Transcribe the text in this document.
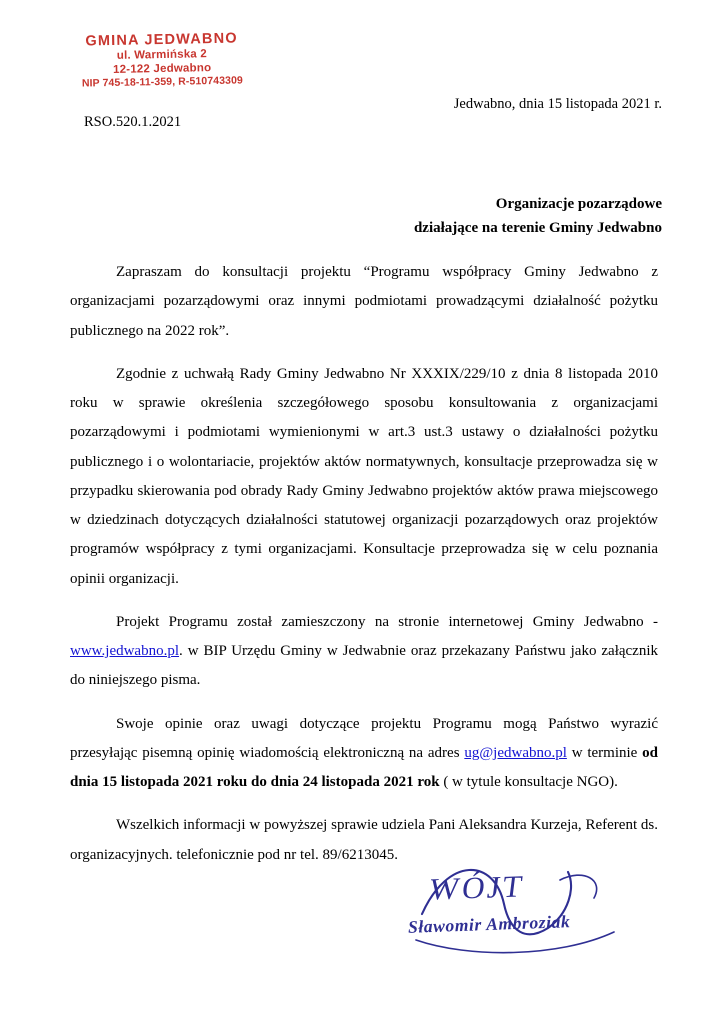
GMINA JEDWABNO
ul. Warmińska 2
12-122 Jedwabno
NIP 745-18-11-359, R-510743309
Jedwabno, dnia 15 listopada 2021 r.
RSO.520.1.2021
Organizacje pozarządowe
działające na terenie Gminy Jedwabno

Zapraszam do konsultacji projektu “Programu współpracy Gminy Jedwabno z organizacjami pozarządowymi oraz innymi podmiotami prowadzącymi działalność pożytku publicznego na 2022 rok”.

Zgodnie z uchwałą Rady Gminy Jedwabno Nr XXXIX/229/10 z dnia 8 listopada 2010 roku w sprawie określenia szczegółowego sposobu konsultowania z organizacjami pozarządowymi i podmiotami wymienionymi w art.3 ust.3 ustawy o działalności pożytku publicznego i o wolontariacie, projektów aktów normatywnych, konsultacje przeprowadza się w przypadku skierowania pod obrady Rady Gminy Jedwabno projektów aktów prawa miejscowego w dziedzinach dotyczących działalności statutowej organizacji pozarządowych oraz projektów programów współpracy z tymi organizacjami. Konsultacje przeprowadza się w celu poznania opinii organizacji.

Projekt Programu został zamieszczony na stronie internetowej Gminy Jedwabno - www.jedwabno.pl. w BIP Urzędu Gminy w Jedwabnie oraz przekazany Państwu jako załącznik do niniejszego pisma.

Swoje opinie oraz uwagi dotyczące projektu Programu mogą Państwo wyrazić przesyłając pisemną opinię wiadomością elektroniczną na adres ug@jedwabno.pl w terminie od dnia 15 listopada 2021 roku do dnia 24 listopada 2021 rok ( w tytule konsultacje NGO).

Wszelkich informacji w powyższej sprawie udziela Pani Aleksandra Kurzeja, Referent ds. organizacyjnych. telefonicznie pod nr tel. 89/6213045.

WÓJT
Sławomir Ambroziak
